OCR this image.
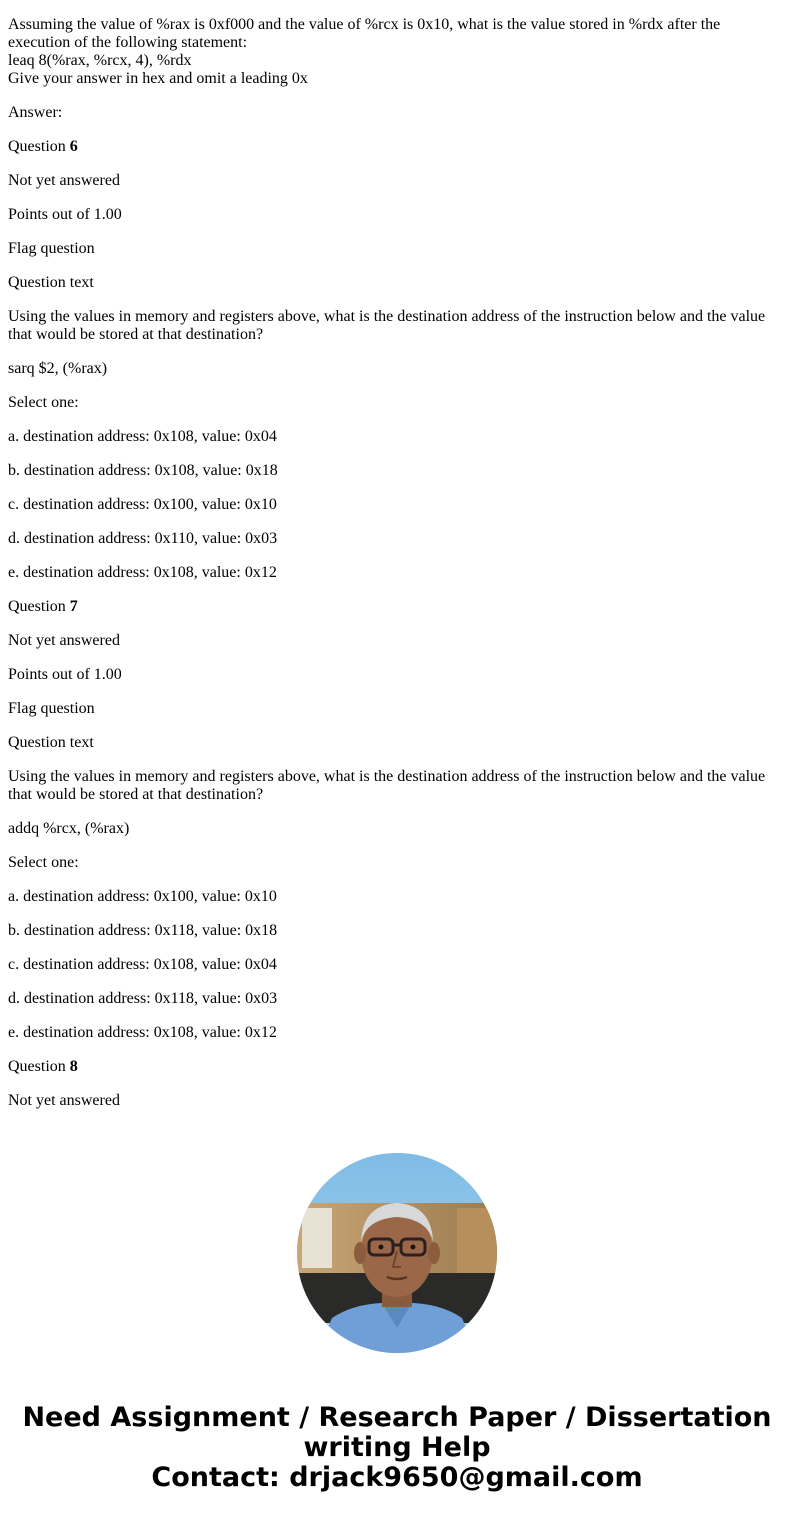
Assuming the value of %rax is 0xf000 and the value of %rcx is 0x10, what is the value stored in %rdx after the execution of the following statement:
leaq 8(%rax, %rcx, 4), %rdx
Give your answer in hex and omit a leading 0x

Answer:

Question 6

Not yet answered

Points out of 1.00

Flag question

Question text

Using the values in memory and registers above, what is the destination address of the instruction below and the value that would be stored at that destination?

sarq $2, (%rax)

Select one:

a. destination address: 0x108, value: 0x04

b. destination address: 0x108, value: 0x18

c. destination address: 0x100, value: 0x10

d. destination address: 0x110, value: 0x03

e. destination address: 0x108, value: 0x12

Question 7

Not yet answered

Points out of 1.00

Flag question

Question text

Using the values in memory and registers above, what is the destination address of the instruction below and the value that would be stored at that destination?

addq %rcx, (%rax)

Select one:

a. destination address: 0x100, value: 0x10

b. destination address: 0x118, value: 0x18

c. destination address: 0x108, value: 0x04

d. destination address: 0x118, value: 0x03

e. destination address: 0x108, value: 0x12

Question 8

Not yet answered

Need Assignment / Research Paper / Dissertation
writing Help
Contact: drjack9650@gmail.com
